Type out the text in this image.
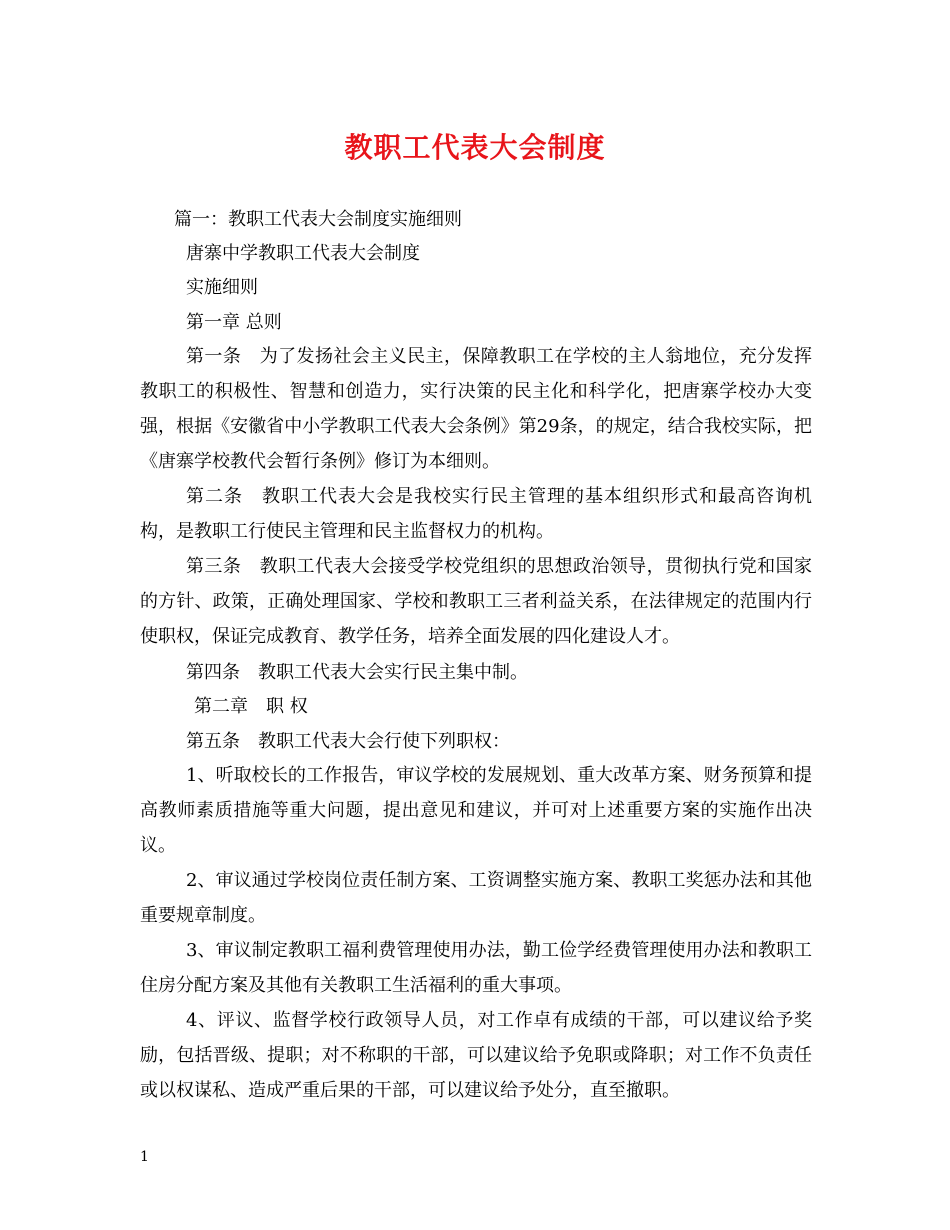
教职工代表大会制度
篇一：教职工代表大会制度实施细则
唐寨中学教职工代表大会制度
实施细则
第一章 总则
第一条　为了发扬社会主义民主，保障教职工在学校的主人翁地位，充分发挥教职工的积极性、智慧和创造力，实行决策的民主化和科学化，把唐寨学校办大变强，根据《安徽省中小学教职工代表大会条例》第29条，的规定，结合我校实际，把《唐寨学校教代会暂行条例》修订为本细则。
第二条　教职工代表大会是我校实行民主管理的基本组织形式和最高咨询机构，是教职工行使民主管理和民主监督权力的机构。
第三条　教职工代表大会接受学校党组织的思想政治领导，贯彻执行党和国家的方针、政策，正确处理国家、学校和教职工三者利益关系，在法律规定的范围内行使职权，保证完成教育、教学任务，培养全面发展的四化建设人才。
第四条　教职工代表大会实行民主集中制。
第二章　职 权
第五条　教职工代表大会行使下列职权：
1、听取校长的工作报告，审议学校的发展规划、重大改革方案、财务预算和提高教师素质措施等重大问题，提出意见和建议，并可对上述重要方案的实施作出决议。
2、审议通过学校岗位责任制方案、工资调整实施方案、教职工奖惩办法和其他重要规章制度。
3、审议制定教职工福利费管理使用办法，勤工俭学经费管理使用办法和教职工住房分配方案及其他有关教职工生活福利的重大事项。
4、评议、监督学校行政领导人员，对工作卓有成绩的干部，可以建议给予奖励，包括晋级、提职；对不称职的干部，可以建议给予免职或降职；对工作不负责任或以权谋私、造成严重后果的干部，可以建议给予处分，直至撤职。
1
